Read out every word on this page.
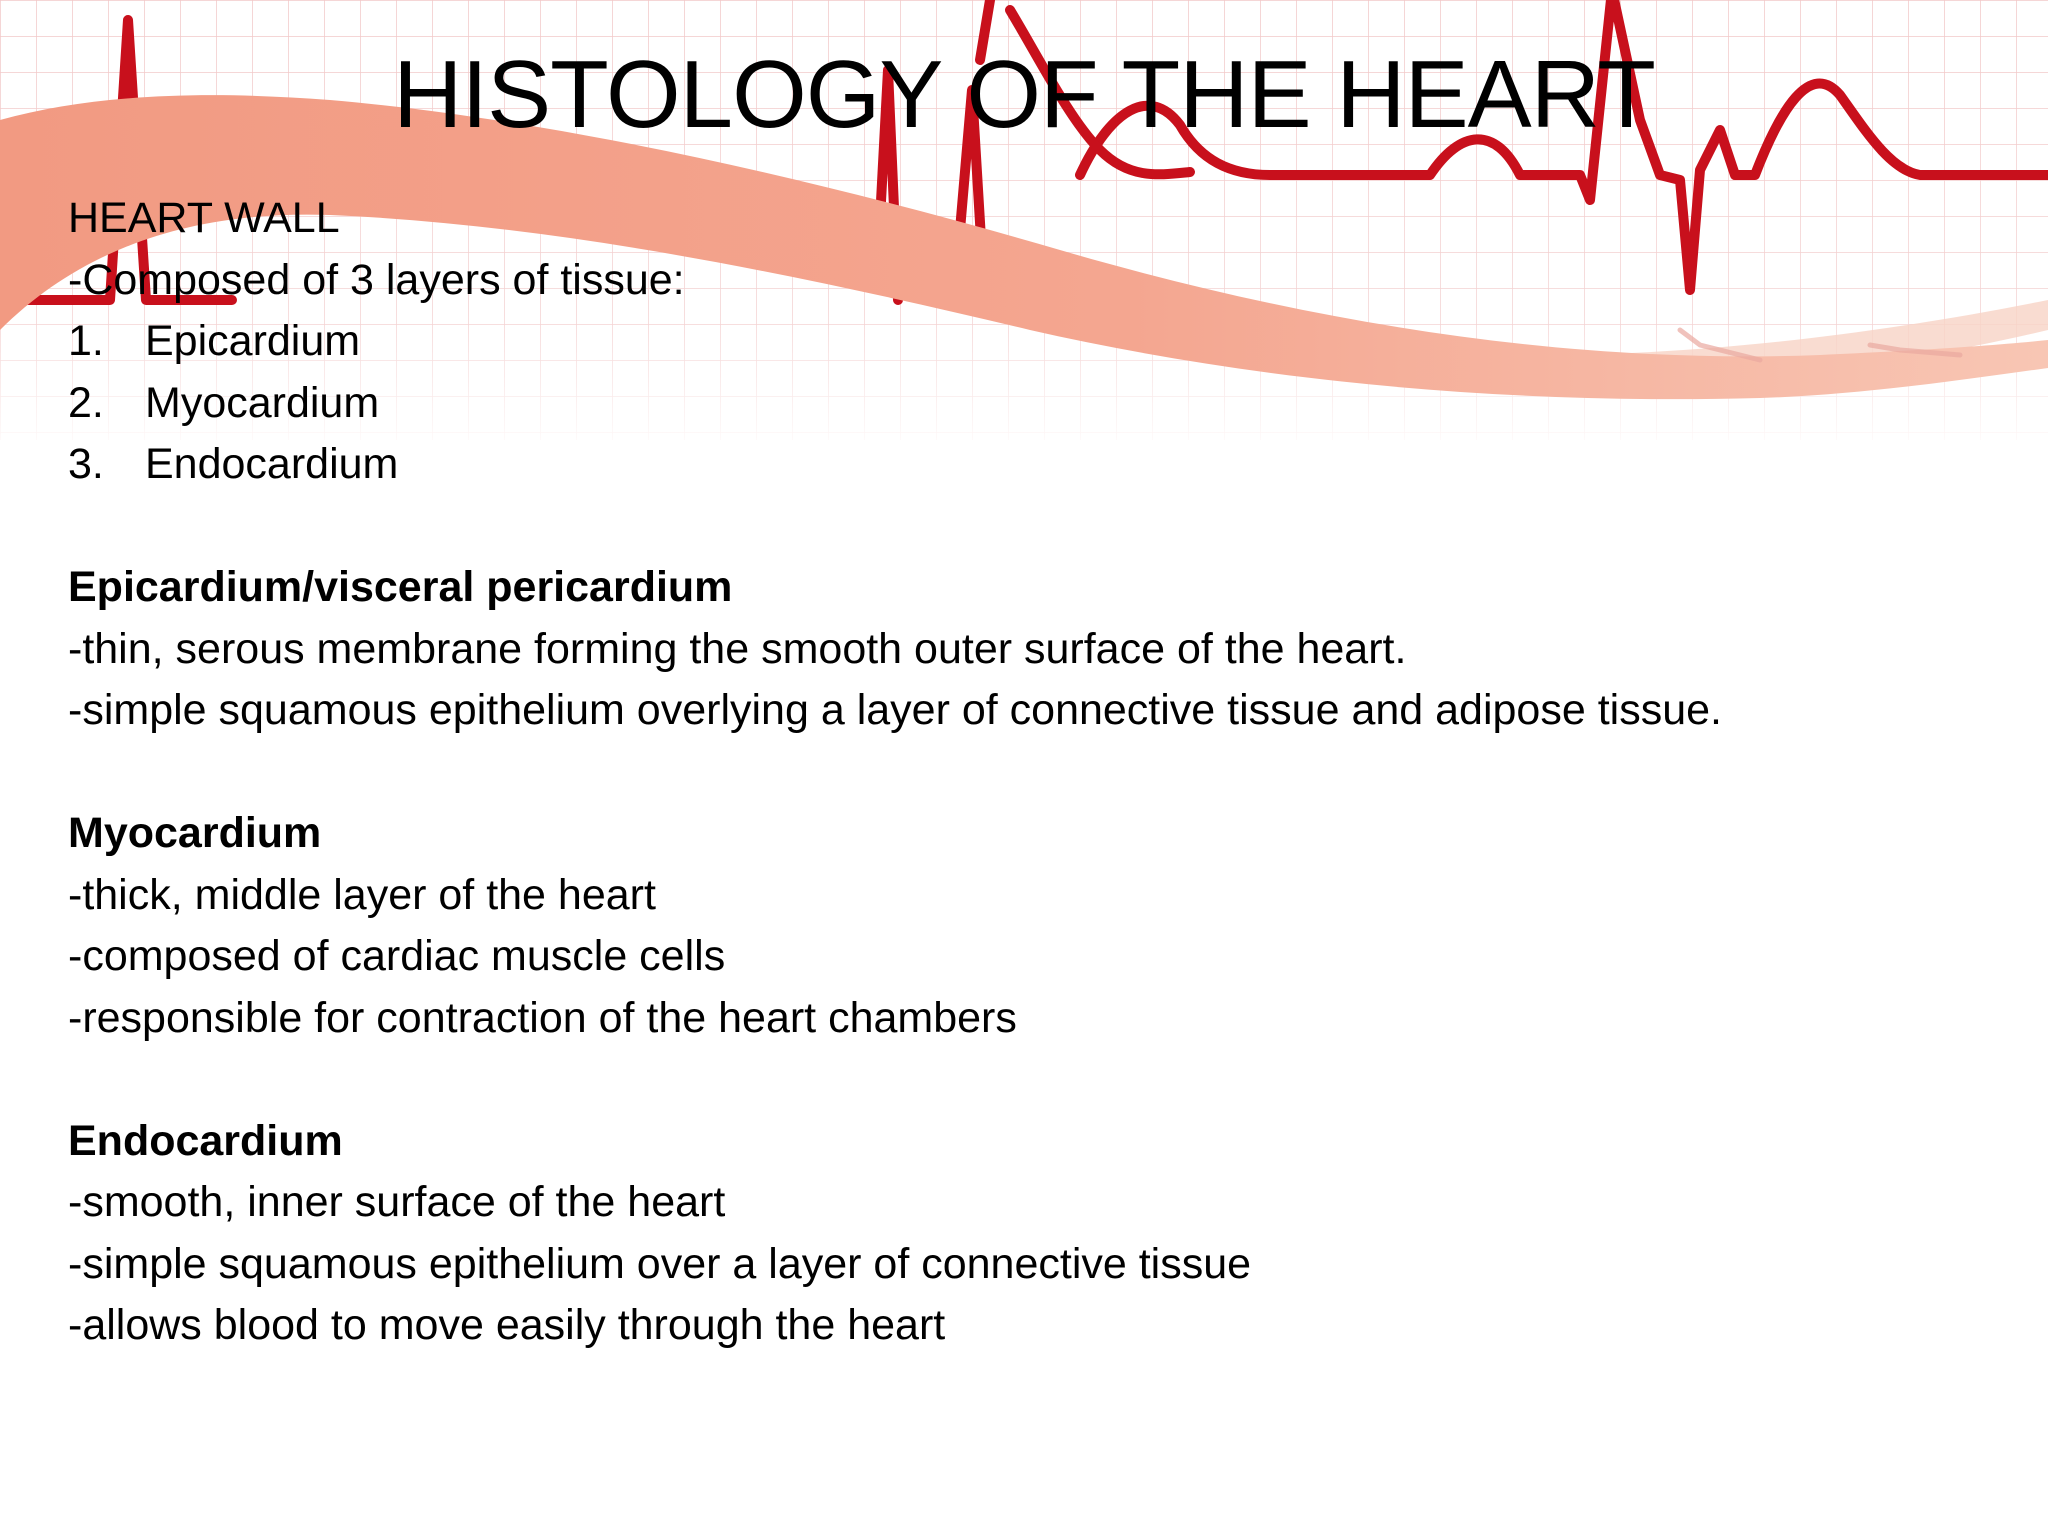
HISTOLOGY OF THE HEART

HEART WALL

-Composed of 3 layers of tissue:

1. Epicardium
2. Myocardium
3. Endocardium

Epicardium/visceral pericardium

-thin, serous membrane forming the smooth outer surface of the heart.

-simple squamous epithelium overlying a layer of connective tissue and adipose tissue.

Myocardium

-thick, middle layer of the heart

-composed of cardiac muscle cells

-responsible for contraction of the heart chambers

Endocardium

-smooth, inner surface of the heart

-simple squamous epithelium over a layer of connective tissue

-allows blood to move easily through the heart
